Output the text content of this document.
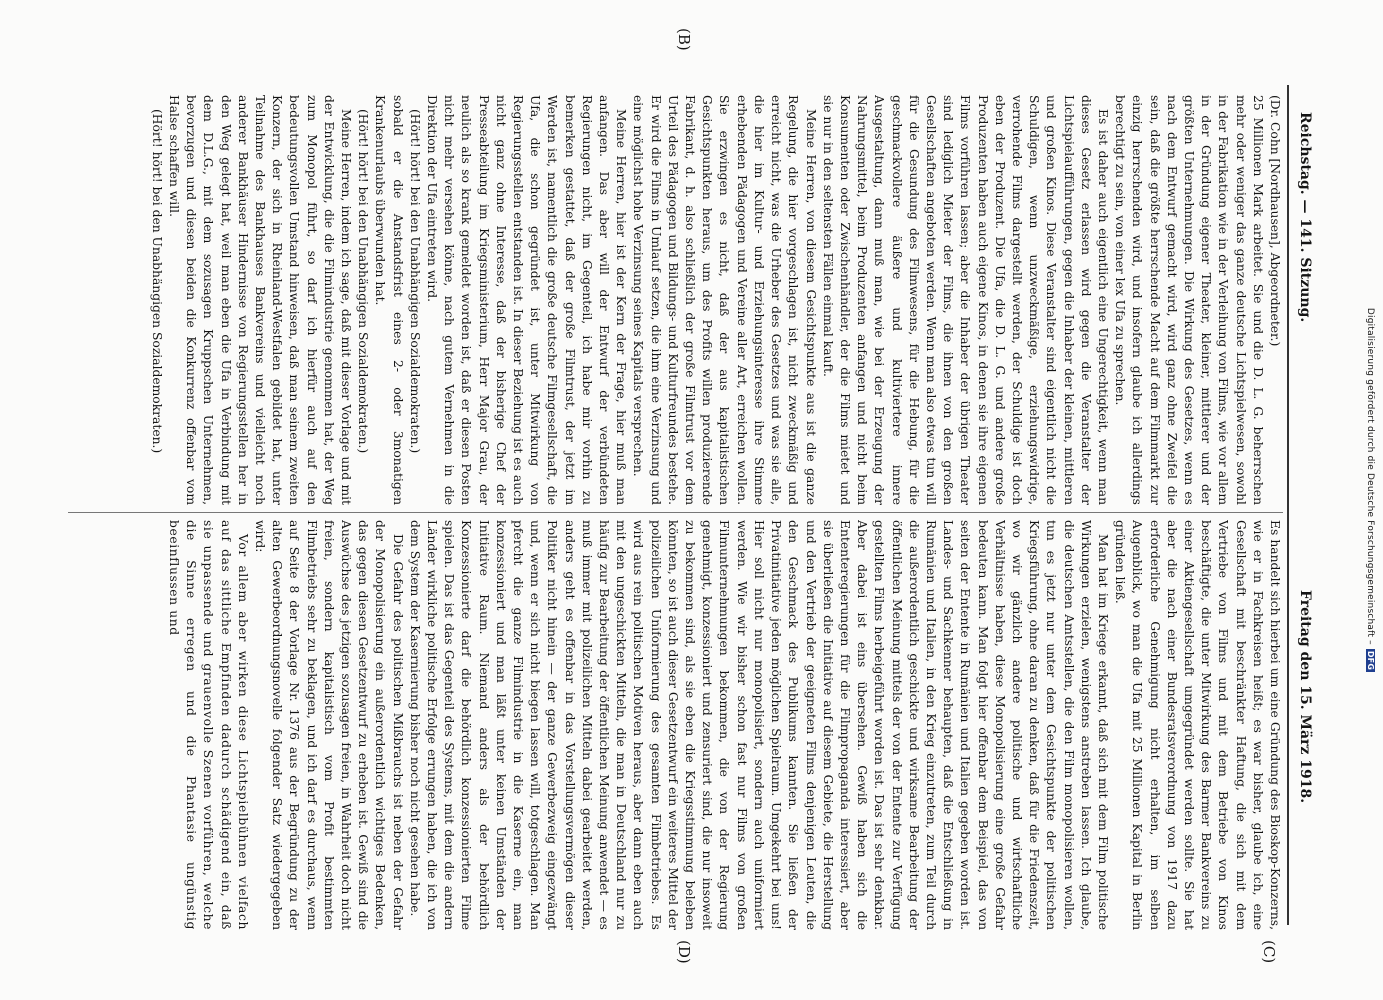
Digitalisierung gefördert durch die Deutsche Forschungsgemeinschaft –DFG
Reichstag. — 141. Sitzung.
Freitag den 15. März 1918.
(C)
(D)
(B)

Es handelt sich hierbei um eine Gründung des Bioskop-Konzerns, wie er in Fachkreisen heißt; es war bisher, glaube ich, eine Gesellschaft mit beschränkter Haftung, die sich mit dem Vertriebe von Films und mit dem Betriebe von Kinos beschäftigte, die unter Mitwirkung des Barmer Bankvereins zu einer Aktiengesellschaft umgegründet werden sollte. Sie hat aber die nach einer Bundesratsverordnung von 1917 dazu erforderliche Genehmigung nicht erhalten, im selben Augenblick, wo man die Ufa mit 25 Millionen Kapital in Berlin gründen ließ.

Man hat im Kriege erkannt, daß sich mit dem Film politische Wirkungen erzielen, wenigstens anstreben lassen. Ich glaube, die deutschen Amtsstellen, die den Film monopolisieren wollen, tun es jetzt nur unter dem Gesichtspunkte der politischen Kriegsführung, ohne daran zu denken, daß für die Friedenszeit, wo wir gänzlich andere politische und wirtschaftliche Verhältnisse haben, diese Monopolisierung eine große Gefahr bedeuten kann. Man folgt hier offenbar dem Beispiel, das von seiten der Entente in Rumänien und Italien gegeben worden ist. Landes- und Sachkenner behaupten, daß die Entschließung in Rumänien und Italien, in den Krieg einzutreten, zum Teil durch die außerordentlich geschickte und wirksame Bearbeitung der öffentlichen Meinung mittels der von der Entente zur Verfügung gestellten Films herbeigeführt worden ist. Das ist sehr denkbar. Aber dabei ist eins übersehen. Gewiß haben sich die Ententeregierungen für die Filmpropaganda interessiert, aber sie überließen die Initiative auf diesem Gebiete, die Herstellung und den Vertrieb der geeigneten Films denjenigen Leuten, die den Geschmack des Publikums kannten. Sie ließen der Privatinitiative jeden möglichen Spielraum. Umgekehrt bei uns! Hier soll nicht nur monopolisiert, sondern auch uniformiert werden. Wie wir bisher schon fast nur Films von großen Filmunternehmungen bekommen, die von der Regierung genehmigt, konzessioniert und zensuriert sind, die nur insoweit zu bekommen sind, als sie eben die Kriegsstimmung beleben könnten, so ist auch dieser Gesetzentwurf ein weiteres Mittel der polizeilichen Uniformierung des gesamten Filmbetriebes. Es wird aus rein politischen Motiven heraus, aber dann eben auch mit den ungeschickten Mitteln, die man in Deutschland nur zu häufig zur Bearbeitung der öffentlichen Meinung anwendet — es muß immer mit polizeilichen Mitteln dabei gearbeitet werden, anders geht es offenbar in das Vorstellungsvermögen dieser Politiker nicht hinein — der ganze Gewerbezweig eingezwängt und, wenn er sich nicht biegen lassen will, totgeschlagen. Man pfercht die ganze Filmindustrie in die Kaserne ein, man konzessioniert und man läßt unter keinen Umständen der Initiative Raum. Niemand anders als der behördlich Konzessionierte darf die behördlich konzessionierten Filme spielen. Das ist das Gegenteil des Systems, mit dem die andern Länder wirkliche politische Erfolge errungen haben, die ich von dem System der Kasernierung bisher noch nicht gesehen habe.

Die Gefahr des politischen Mißbrauchs ist neben der Gefahr der Monopolisierung ein außerordentlich wichtiges Bedenken, das gegen diesen Gesetzentwurf zu erheben ist. Gewiß sind die Auswüchse des jetzigen sozusagen freien, in Wahrheit doch nicht freien, sondern kapitalistisch vom Profit bestimmten Filmbetriebs sehr zu beklagen, und ich darf es durchaus, wenn auf Seite 8 der Vorlage Nr. 1376 aus der Begründung zu der alten Gewerbeordnungsnovelle folgender Satz wiedergegeben wird:

Vor allem aber wirken diese Lichtspielbühnen vielfach auf das sittliche Empfinden dadurch schädigend ein, daß sie unpassende und grauenvolle Szenen vorführen, welche die Sinne erregen und die Phantasie ungünstig beeinflussen und

(Dr. Cohn [Nordhausen], Abgeordneter.)

25 Millionen Mark arbeitet. Sie und die D. L. G. beherrschen mehr oder weniger das ganze deutsche Lichtspielwesen, sowohl in der Fabrikation wie in der Verleihung von Films, wie vor allem in der Gründung eigener Theater, kleiner, mittlerer und der größten Unternehmungen. Die Wirkung des Gesetzes, wenn es nach dem Entwurf gemacht wird, wird ganz ohne Zweifel die sein, daß die größte herrschende Macht auf dem Filmmarkt zur einzig herrschenden wird, und insofern glaube ich allerdings berechtigt zu sein, von einer lex Ufa zu sprechen.

Es ist daher auch eigentlich eine Ungerechtigkeit, wenn man dieses Gesetz erlassen wird gegen die Veranstalter der Lichtspielaufführungen, gegen die Inhaber der kleinen, mittleren und großen Kinos. Diese Veranstalter sind eigentlich nicht die Schuldigen, wenn unzweckmäßige, erziehungswidrige, verrohende Films dargestellt werden, der Schuldige ist doch eben der Produzent. Die Ufa, die D. L. G. und andere große Produzenten haben auch eigene Kinos, in denen sie ihre eigenen Films vorführen lassen; aber die Inhaber der übrigen Theater sind lediglich Mieter der Films, die ihnen von den großen Gesellschaften angeboten werden. Wenn man also etwas tun will für die Gesundung des Filmwesens, für die Hebung, für die geschmackvollere äußere und kultiviertere innere Ausgestaltung, dann muß man, wie bei der Erzeugung der Nahrungsmittel, beim Produzenten anfangen und nicht beim Konsumenten oder Zwischenhändler, der die Films mietet und sie nur in den seltensten Fällen einmal kauft.

Meine Herren, von diesem Gesichtspunkte aus ist die ganze Regelung, die hier vorgeschlagen ist, nicht zweckmäßig und erreicht nicht, was die Urheber des Gesetzes und was sie alle, die hier im Kultur- und Erziehungsinteresse ihre Stimme erhebenden Pädagogen und Vereine aller Art, erreichen wollen. Sie erzwingen es nicht, daß der aus kapitalistischen Gesichtspunkten heraus, um des Profits willen produzierende Fabrikant, d. h. also schließlich der große Filmtrust vor dem Urteil des Pädagogen und Bildungs- und Kulturfreundes bestehe. Er wird die Films in Umlauf setzen, die ihm eine Verzinsung und eine möglichst hohe Verzinsung seines Kapitals versprechen.

Meine Herren, hier ist der Kern der Frage, hier muß man anfangen. Das aber will der Entwurf der verbündeten Regierungen nicht, im Gegenteil, ich habe mir vorhin zu bemerken gestattet, daß der große Filmtrust, der jetzt im Werden ist, namentlich die große deutsche Filmgesellschaft, die Ufa, die schon gegründet ist, unter Mitwirkung von Regierungsstellen entstanden ist. In dieser Beziehung ist es auch nicht ganz ohne Interesse, daß der bisherige Chef der Presseabteilung im Kriegsministerium, Herr Major Grau, der neulich als so krank gemeldet worden ist, daß er diesen Posten nicht mehr versehen könne, nach gutem Vernehmen in die Direktion der Ufa eintreten wird.

(Hört! hört! bei den Unabhängigen Sozialdemokraten.)

sobald er die Anstandsfrist eines 2- oder 3monatigen Krankenurlaubs überwunden hat.

(Hört! hört! bei den Unabhängigen Sozialdemokraten.)

Meine Herren, indem ich sage, daß mit dieser Vorlage und mit der Entwicklung, die die Filmindustrie genommen hat, der Weg zum Monopol führt, so darf ich hierfür auch auf den bedeutungsvollen Umstand hinweisen, daß man seinem zweiten Konzern, der sich in Rheinland-Westfalen gebildet hat, unter Teilnahme des Bankhauses Bankvereins und vielleicht noch anderer Bankhäuser Hindernisse von Regierungsstellen her in den Weg gelegt hat, weil man eben die Ufa in Verbindung mit dem D.L.G., mit dem sozusagen Kruppschen Unternehmen, bevorzugen und diesen beiden die Konkurrenz offenbar vom Halse schaffen will.

(Hört! hört! bei den Unabhängigen Sozialdemokraten.)
